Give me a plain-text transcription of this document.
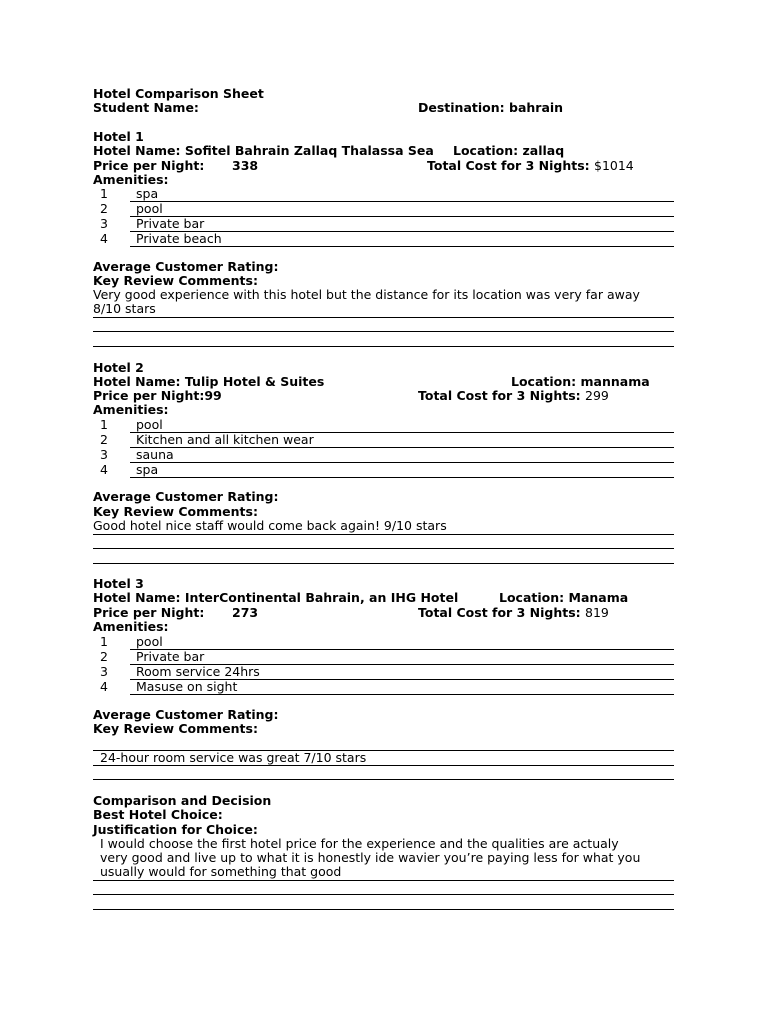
Hotel Comparison Sheet
Student Name:	Destination: bahrain
Hotel 1
Hotel Name: Sofitel Bahrain Zallaq Thalassa Sea Location: zallaq
Price per Night: 338	Total Cost for 3 Nights: $1014
Amenities:
1	spa
2	pool
3	Private bar
4	Private beach
Average Customer Rating:
Key Review Comments:
Very good experience with this hotel but the distance for its location was very far away
8/10 stars
Hotel 2
Hotel Name: Tulip Hotel & Suites	Location: mannama
Price per Night:99	Total Cost for 3 Nights: 299
Amenities:
1	pool
2	Kitchen and all kitchen wear
3	sauna
4	spa
Average Customer Rating:
Key Review Comments:
Good hotel nice staff would come back again! 9/10 stars
Hotel 3
Hotel Name: InterContinental Bahrain, an IHG Hotel	Location: Manama
Price per Night: 273	Total Cost for 3 Nights: 819
Amenities:
1	pool
2	Private bar
3	Room service 24hrs
4	Masuse on sight
Average Customer Rating:
Key Review Comments:
24-hour room service was great 7/10 stars
Comparison and Decision
Best Hotel Choice:
Justification for Choice:
I would choose the first hotel price for the experience and the qualities are actualy
very good and live up to what it is honestly ide wavier you’re paying less for what you
usually would for something that good
